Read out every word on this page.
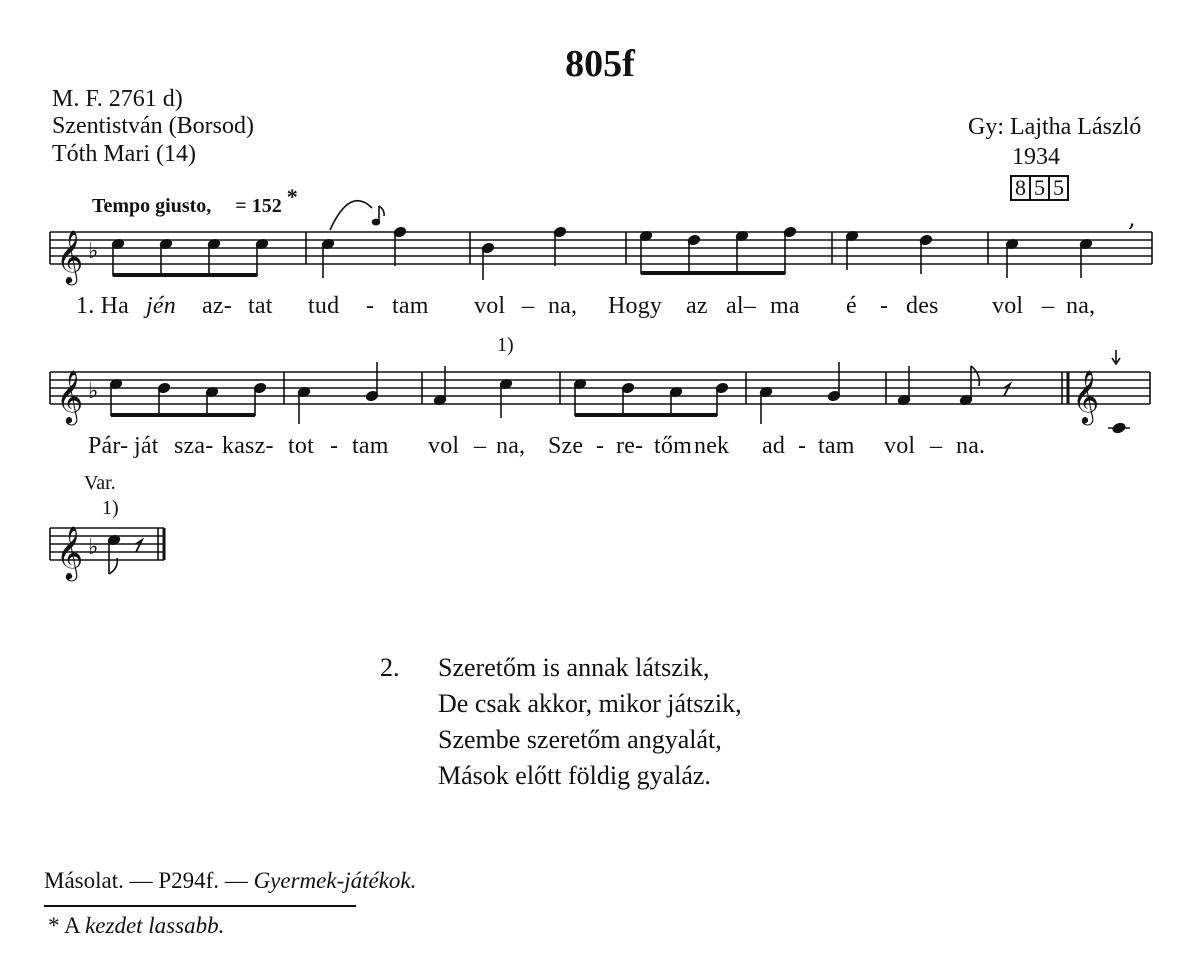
805f
M. F. 2761 d)
Szentistván (Borsod)
Tóth Mari (14)
Gy: Lajtha László
1934
8 5 5
Tempo giusto, = 152 *
𝄞 ♭
,
𝄞 ♭	𝄞
𝄞 ♭
1. Ha jén az- tat tud - tam vol – na, Hogy az al– ma é - des vol – na,
1)
Pár- ját sza- kasz- tot - tam vol – na, Sze - re- tőm nek ad - tam vol – na.
Var.
1)
2. Szeretőm is annak látszik,
De csak akkor, mikor játszik,
Szembe szeretőm angyalát,
Mások előtt földig gyaláz.
Másolat. — P294f. — Gyermek-játékok.
* A kezdet lassabb.
